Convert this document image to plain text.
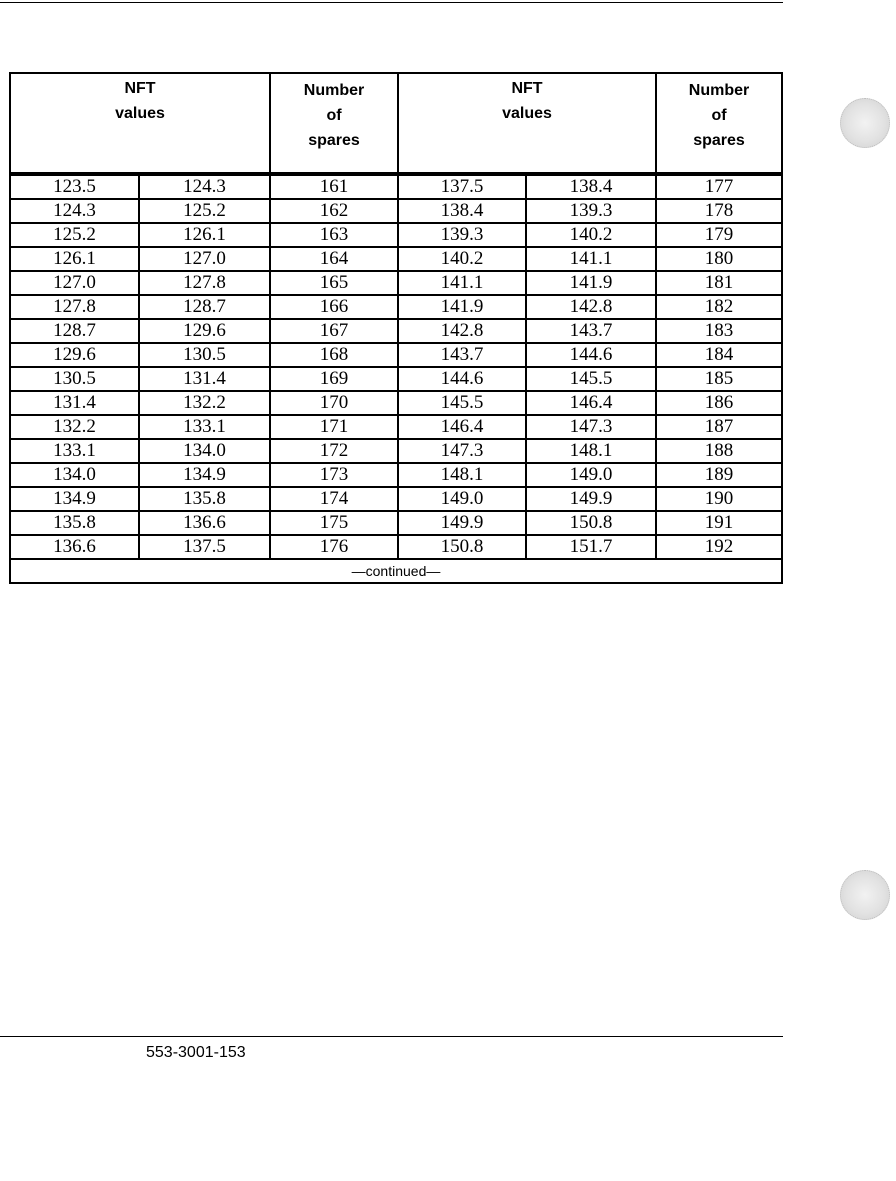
NFT
values		Number
of
spares	NFT
values		Number
of
spares

123.5	124.3	161	137.5	138.4	177
124.3	125.2	162	138.4	139.3	178
125.2	126.1	163	139.3	140.2	179
126.1	127.0	164	140.2	141.1	180
127.0	127.8	165	141.1	141.9	181
127.8	128.7	166	141.9	142.8	182
128.7	129.6	167	142.8	143.7	183
129.6	130.5	168	143.7	144.6	184
130.5	131.4	169	144.6	145.5	185
131.4	132.2	170	145.5	146.4	186
132.2	133.1	171	146.4	147.3	187
133.1	134.0	172	147.3	148.1	188
134.0	134.9	173	148.1	149.0	189
134.9	135.8	174	149.0	149.9	190
135.8	136.6	175	149.9	150.8	191
136.6	137.5	176	150.8	151.7	192
—continued—					
553-3001-153
